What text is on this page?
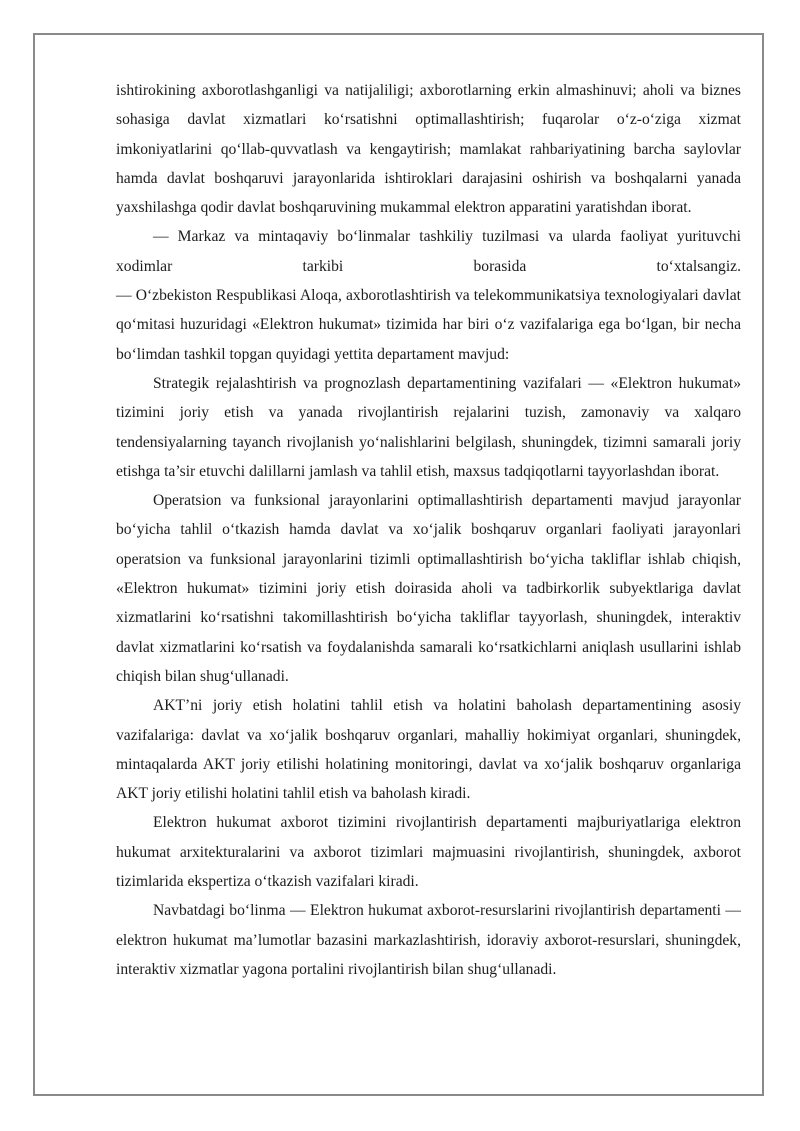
ishtirokining axborotlashganligi va natijaliligi; axborotlarning erkin almashinuvi; aholi va biznes sohasiga davlat xizmatlari ko‘rsatishni optimallashtirish; fuqarolar o‘z-o‘ziga xizmat imkoniyatlarini qo‘llab-quvvatlash va kengaytirish; mamlakat rahbariyatining barcha saylovlar hamda davlat boshqaruvi jarayonlarida ishtiroklari darajasini oshirish va boshqalarni yanada yaxshilashga qodir davlat boshqaruvining mukammal elektron apparatini yaratishdan iborat.

— Markaz va mintaqaviy bo‘linmalar tashkiliy tuzilmasi va ularda faoliyat yurituvchi xodimlar tarkibi borasida to‘xtalsangiz.

— O‘zbekiston Respublikasi Aloqa, axborotlashtirish va telekommunikatsiya texnologiyalari davlat qo‘mitasi huzuridagi «Elektron hukumat» tizimida har biri o‘z vazifalariga ega bo‘lgan, bir necha bo‘limdan tashkil topgan quyidagi yettita departament mavjud:

Strategik rejalashtirish va prognozlash departamentining vazifalari — «Elektron hukumat» tizimini joriy etish va yanada rivojlantirish rejalarini tuzish, zamonaviy va xalqaro tendensiyalarning tayanch rivojlanish yo‘nalishlarini belgilash, shuningdek, tizimni samarali joriy etishga ta’sir etuvchi dalillarni jamlash va tahlil etish, maxsus tadqiqotlarni tayyorlashdan iborat.

Operatsion va funksional jarayonlarini optimallashtirish departamenti mavjud jarayonlar bo‘yicha tahlil o‘tkazish hamda davlat va xo‘jalik boshqaruv organlari faoliyati jarayonlari operatsion va funksional jarayonlarini tizimli optimallashtirish bo‘yicha takliflar ishlab chiqish, «Elektron hukumat» tizimini joriy etish doirasida aholi va tadbirkorlik subyektlariga davlat xizmatlarini ko‘rsatishni takomillashtirish bo‘yicha takliflar tayyorlash, shuningdek, interaktiv davlat xizmatlarini ko‘rsatish va foydalanishda samarali ko‘rsatkichlarni aniqlash usullarini ishlab chiqish bilan shug‘ullanadi.

AKT’ni joriy etish holatini tahlil etish va holatini baholash departamentining asosiy vazifalariga: davlat va xo‘jalik boshqaruv organlari, mahalliy hokimiyat organlari, shuningdek, mintaqalarda AKT joriy etilishi holatining monitoringi, davlat va xo‘jalik boshqaruv organlariga AKT joriy etilishi holatini tahlil etish va baholash kiradi.

Elektron hukumat axborot tizimini rivojlantirish departamenti majburiyatlariga elektron hukumat arxitekturalarini va axborot tizimlari majmuasini rivojlantirish, shuningdek, axborot tizimlarida ekspertiza o‘tkazish vazifalari kiradi.

Navbatdagi bo‘linma — Elektron hukumat axborot-resurslarini rivojlantirish departamenti — elektron hukumat ma’lumotlar bazasini markazlashtirish, idoraviy axborot-resurslari, shuningdek, interaktiv xizmatlar yagona portalini rivojlantirish bilan shug‘ullanadi.
